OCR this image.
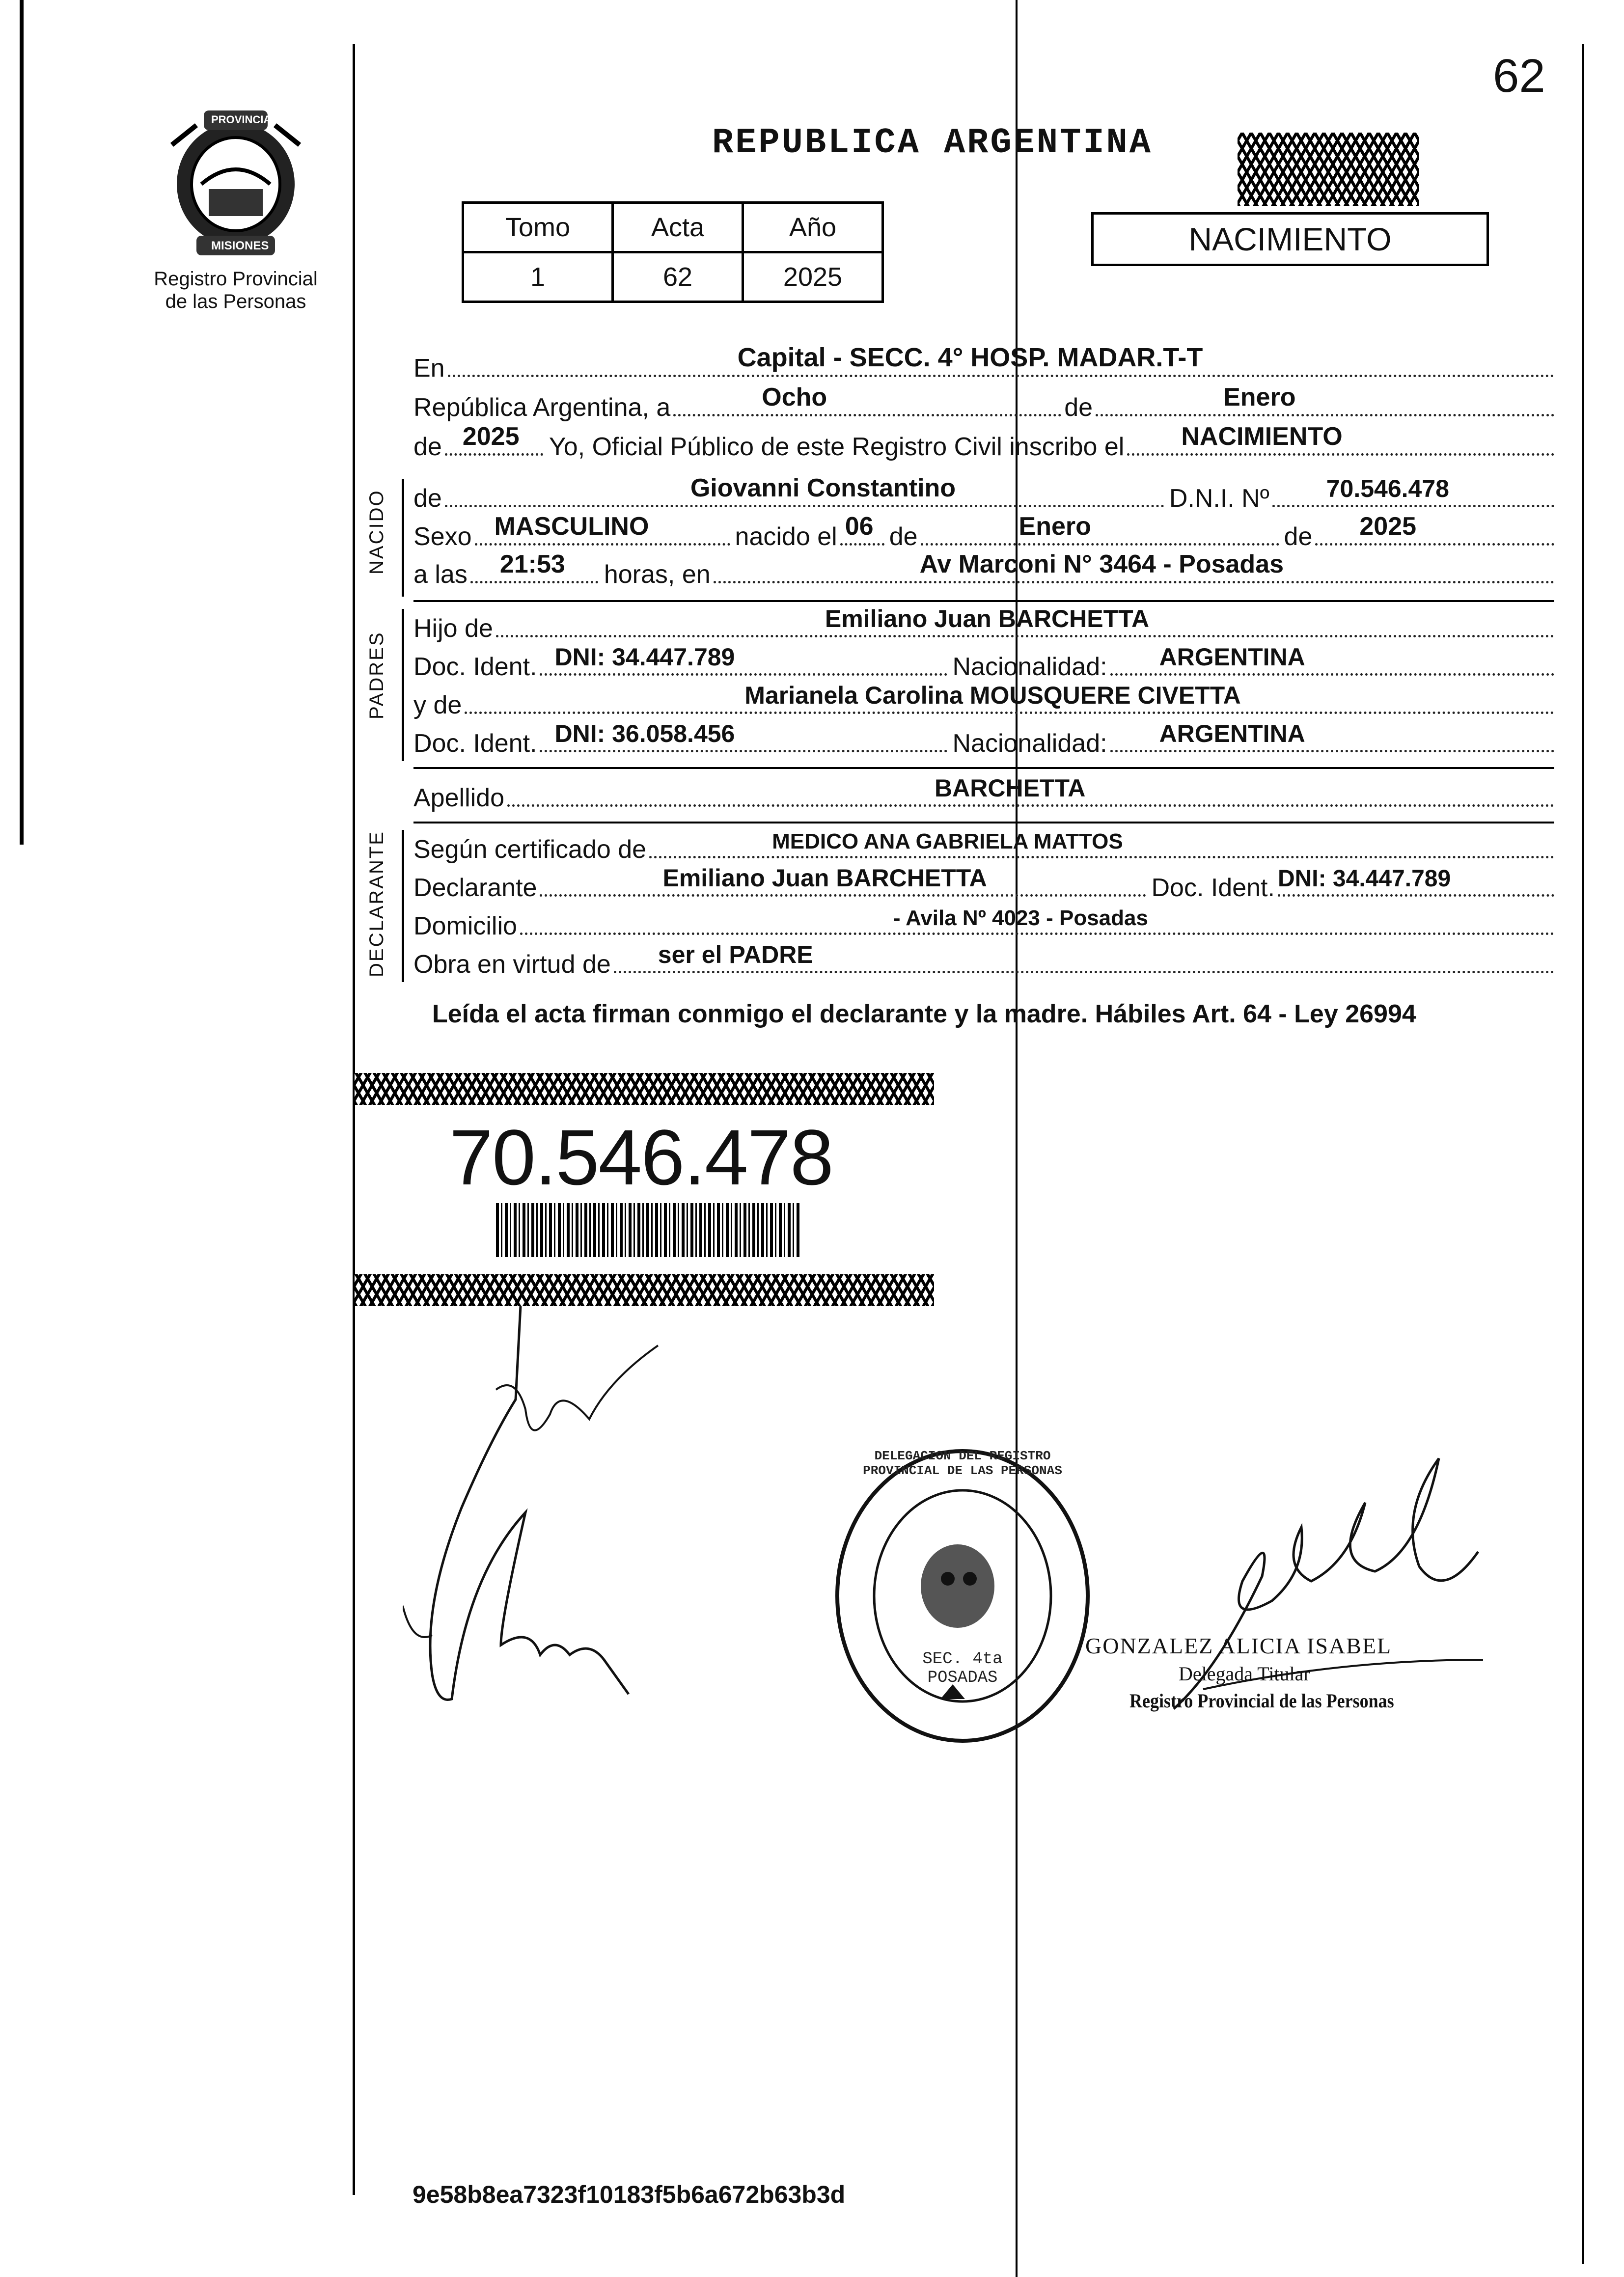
62
PROVINCIA DE
MISIONES
Registro Provincial
de las Personas
REPUBLICA ARGENTINA
Tomo	Acta	Año
1	62	2025
NACIMIENTO
En	Capital - SECC. 4° HOSP. MADAR.T-T
República Argentina, a	Ocho	de	Enero
de 2025 Yo, Oficial Público de este Registro Civil inscribo el NACIMIENTO
NACIDO de	Giovanni Constantino	D.N.I. Nº 70.546.478
Sexo MASCULINO	nacido el 06 de	Enero	de 2025
a las 21:53 horas, en	Av Marconi N° 3464 - Posadas
PADRES
Hijo de	Emiliano Juan BARCHETTA
Doc. Ident. DNI: 34.447.789	Nacionalidad: ARGENTINA
y de	Marianela Carolina MOUSQUERE CIVETTA
Doc. Ident. DNI: 36.058.456	Nacionalidad: ARGENTINA
Apellido	BARCHETTA
DECLARANTE Según certificado de	MEDICO ANA GABRIELA MATTOS
Declarante	Emiliano Juan BARCHETTA	Doc. Ident. DNI: 34.447.789
Domicilio	- Avila Nº 4023 - Posadas
Obra en virtud de ser el PADRE
Leída el acta firman conmigo el declarante y la madre. Hábiles Art. 64 - Ley 26994
70.546.478
DELEGACION DEL REGISTRO PROVINCIAL DE LAS PERSONAS
SEC. 4ta POSADAS
GONZALEZ ALICIA ISABEL
Delegada Titular
Registro Provincial de las Personas
9e58b8ea7323f10183f5b6a672b63b3d
